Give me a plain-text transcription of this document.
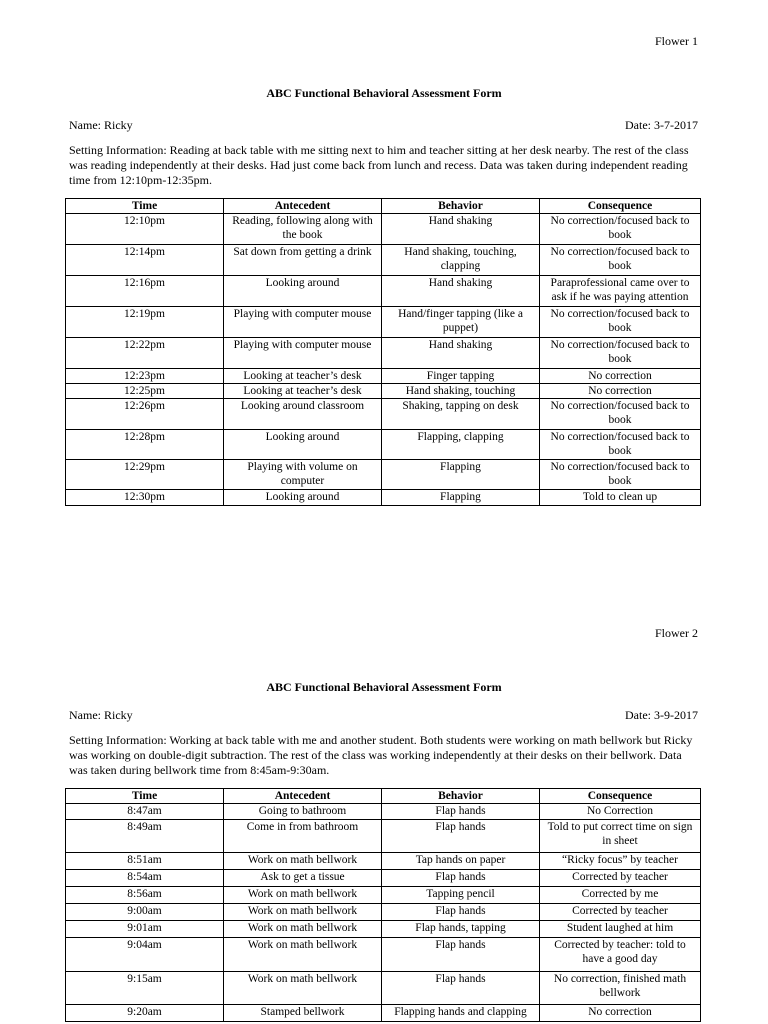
Flower 1
ABC Functional Behavioral Assessment Form
Name: Ricky	Date: 3-7-2017
Setting Information: Reading at back table with me sitting next to him and teacher sitting at her desk nearby. The rest of the class was reading independently at their desks. Had just come back from lunch and recess. Data was taken during independent reading time from 12:10pm-12:35pm.
Time	Antecedent	Behavior	Consequence
12:10pm	Reading, following along with the book	Hand shaking	No correction/focused back to book
12:14pm	Sat down from getting a drink	Hand shaking, touching, clapping	No correction/focused back to book
12:16pm	Looking around	Hand shaking	Paraprofessional came over to ask if he was paying attention
12:19pm	Playing with computer mouse	Hand/finger tapping (like a puppet)	No correction/focused back to book
12:22pm	Playing with computer mouse	Hand shaking	No correction/focused back to book
12:23pm	Looking at teacher’s desk	Finger tapping	No correction
12:25pm	Looking at teacher’s desk	Hand shaking, touching	No correction
12:26pm	Looking around classroom	Shaking, tapping on desk	No correction/focused back to book
12:28pm	Looking around	Flapping, clapping	No correction/focused back to book
12:29pm	Playing with volume on computer	Flapping	No correction/focused back to book
12:30pm	Looking around	Flapping	Told to clean up
Flower 2
ABC Functional Behavioral Assessment Form
Name: Ricky	Date: 3-9-2017
Setting Information: Working at back table with me and another student. Both students were working on math bellwork but Ricky was working on double-digit subtraction. The rest of the class was working independently at their desks on their bellwork. Data was taken during bellwork time from 8:45am-9:30am.
Time	Antecedent	Behavior	Consequence
8:47am	Going to bathroom	Flap hands	No Correction
8:49am	Come in from bathroom	Flap hands	Told to put correct time on sign in sheet
8:51am	Work on math bellwork	Tap hands on paper	“Ricky focus” by teacher
8:54am	Ask to get a tissue	Flap hands	Corrected by teacher
8:56am	Work on math bellwork	Tapping pencil	Corrected by me
9:00am	Work on math bellwork	Flap hands	Corrected by teacher
9:01am	Work on math bellwork	Flap hands, tapping	Student laughed at him
9:04am	Work on math bellwork	Flap hands	Corrected by teacher: told to have a good day
9:15am	Work on math bellwork	Flap hands	No correction, finished math bellwork
9:20am	Stamped bellwork	Flapping hands and clapping	No correction
